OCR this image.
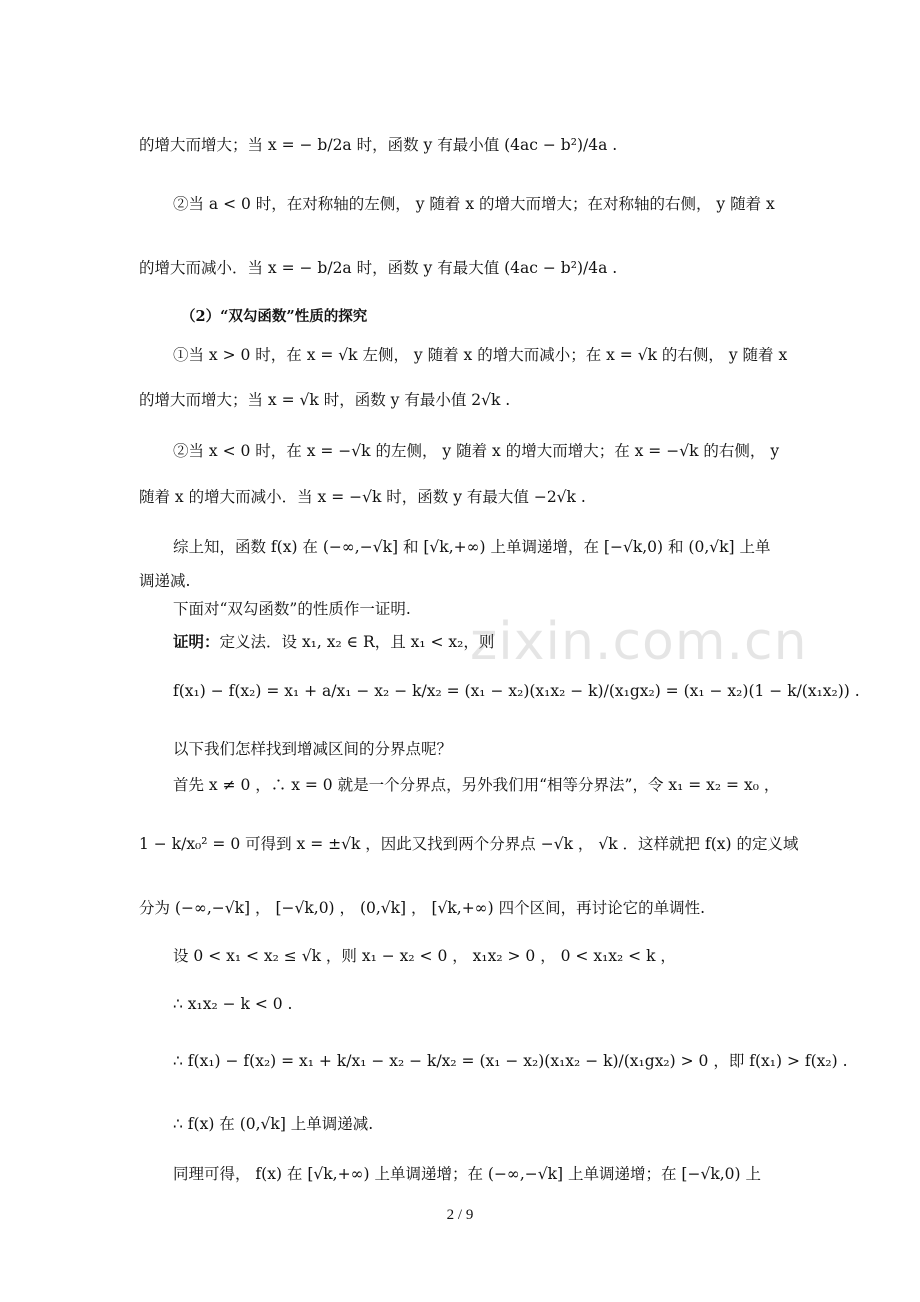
zixin.com.cn
的增大而增大；当 x = − b/2a 时，函数 y 有最小值 (4ac − b²)/4a .
②当 a < 0 时，在对称轴的左侧， y 随着 x 的增大而增大；在对称轴的右侧， y 随着 x
的增大而减小．当 x = − b/2a 时，函数 y 有最大值 (4ac − b²)/4a .
（2）“双勾函数”性质的探究
①当 x > 0 时，在 x = √k 左侧， y 随着 x 的增大而减小；在 x = √k 的右侧， y 随着 x
的增大而增大；当 x = √k 时，函数 y 有最小值 2√k .
②当 x < 0 时，在 x = −√k 的左侧， y 随着 x 的增大而增大；在 x = −√k 的右侧， y
随着 x 的增大而减小．当 x = −√k 时，函数 y 有最大值 −2√k .
综上知，函数 f(x) 在 (−∞,−√k] 和 [√k,+∞) 上单调递增，在 [−√k,0) 和 (0,√k] 上单
调递减.
下面对“双勾函数”的性质作一证明.
证明：定义法．设 x₁, x₂ ∈ R，且 x₁ < x₂，则
f(x₁) − f(x₂) = x₁ + a/x₁ − x₂ − k/x₂ = (x₁ − x₂)(x₁x₂ − k)/(x₁gx₂) = (x₁ − x₂)(1 − k/(x₁x₂)) .
以下我们怎样找到增减区间的分界点呢？
首先 x ≠ 0 ，∴ x = 0 就是一个分界点，另外我们用“相等分界法”，令 x₁ = x₂ = x₀ ，
1 − k/x₀² = 0 可得到 x = ±√k ，因此又找到两个分界点 −√k ， √k ．这样就把 f(x) 的定义域
分为 (−∞,−√k] ， [−√k,0) ， (0,√k] ， [√k,+∞) 四个区间，再讨论它的单调性.
设 0 < x₁ < x₂ ≤ √k ，则 x₁ − x₂ < 0 ， x₁x₂ > 0 ， 0 < x₁x₂ < k ，
∴ x₁x₂ − k < 0 .
∴ f(x₁) − f(x₂) = x₁ + k/x₁ − x₂ − k/x₂ = (x₁ − x₂)(x₁x₂ − k)/(x₁gx₂) > 0 ，即 f(x₁) > f(x₂) .
∴ f(x) 在 (0,√k] 上单调递减.
同理可得， f(x) 在 [√k,+∞) 上单调递增；在 (−∞,−√k] 上单调递增；在 [−√k,0) 上
2 / 9
